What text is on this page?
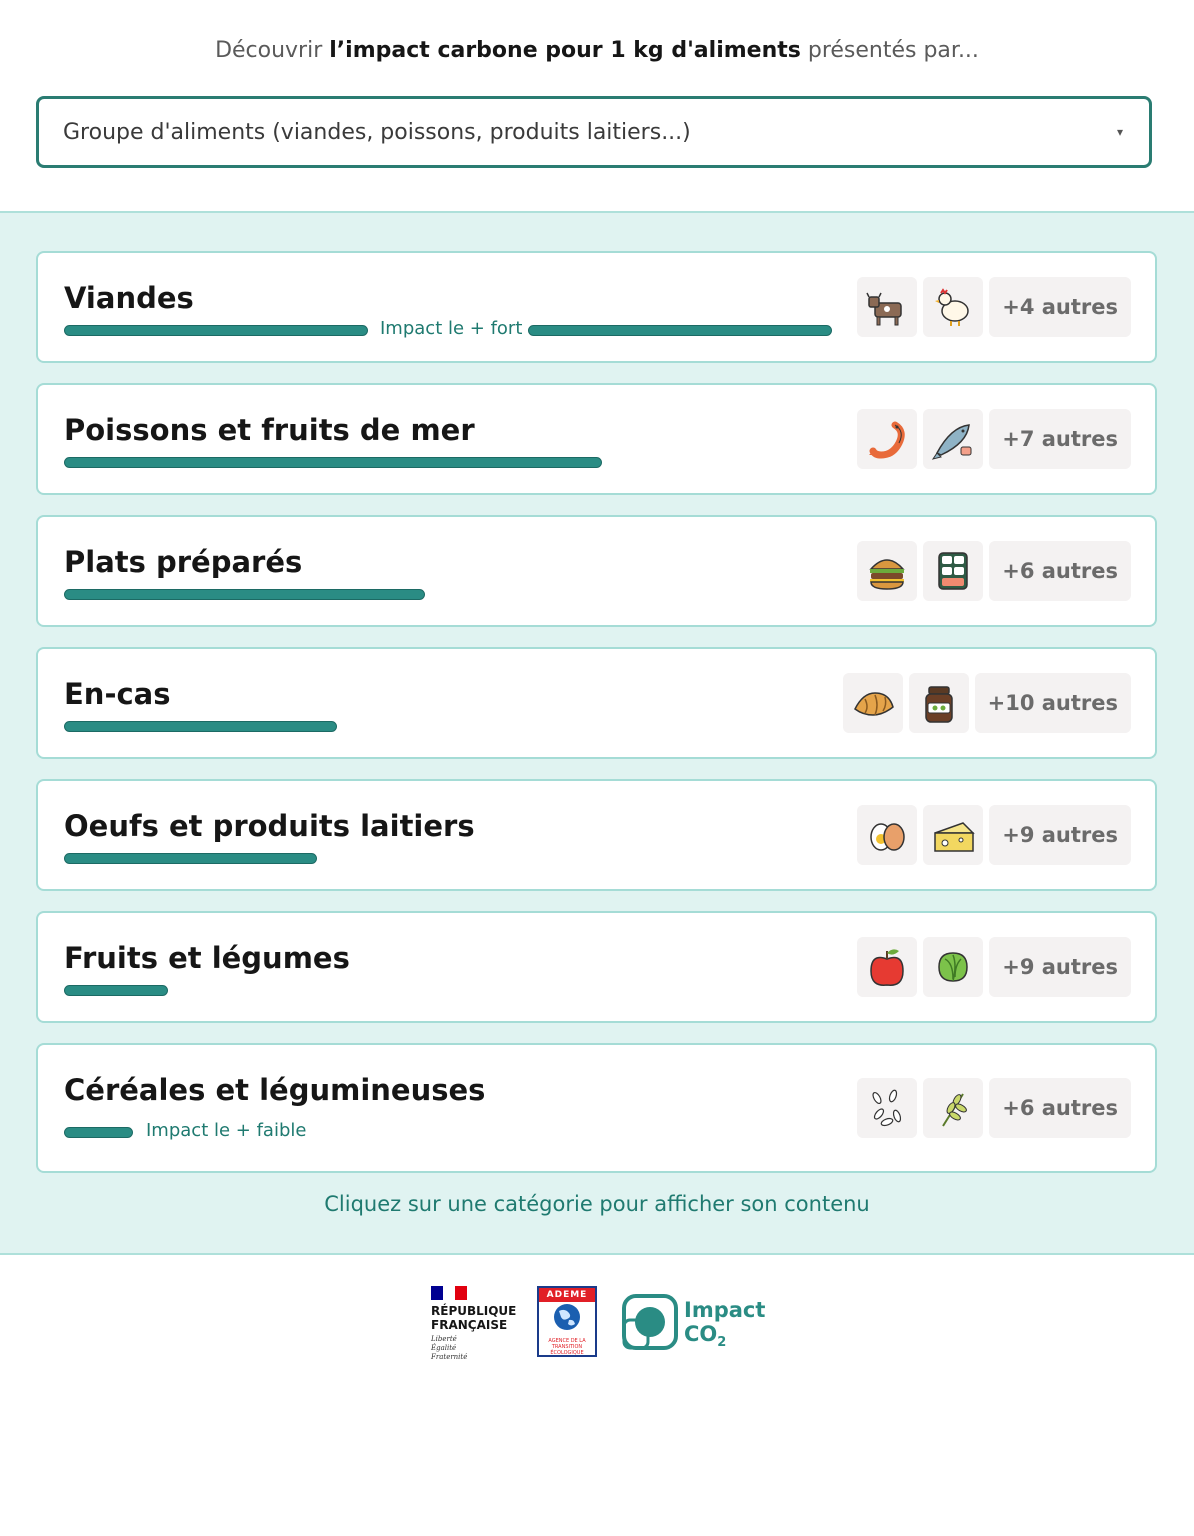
Découvrir l’impact carbone pour 1 kg d'aliments présentés par...
Groupe d'aliments (viandes, poissons, produits laitiers...)	▾
Viandes
Impact le + fort
+4 autres
Poissons et fruits de mer	+7 autres
Plats préparés	+6 autres
En-cas	+10 autres
Oeufs et produits laitiers	+9 autres
Fruits et légumes	+9 autres
Céréales et légumineuses
Impact le + faible
+6 autres
Cliquez sur une catégorie pour afficher son contenu
RÉPUBLIQUE
FRANÇAISE
Liberté
Égalité
Fraternité
ADEME
AGENCE DE LA
TRANSITION
ÉCOLOGIQUE
Impact
$CO_2$
